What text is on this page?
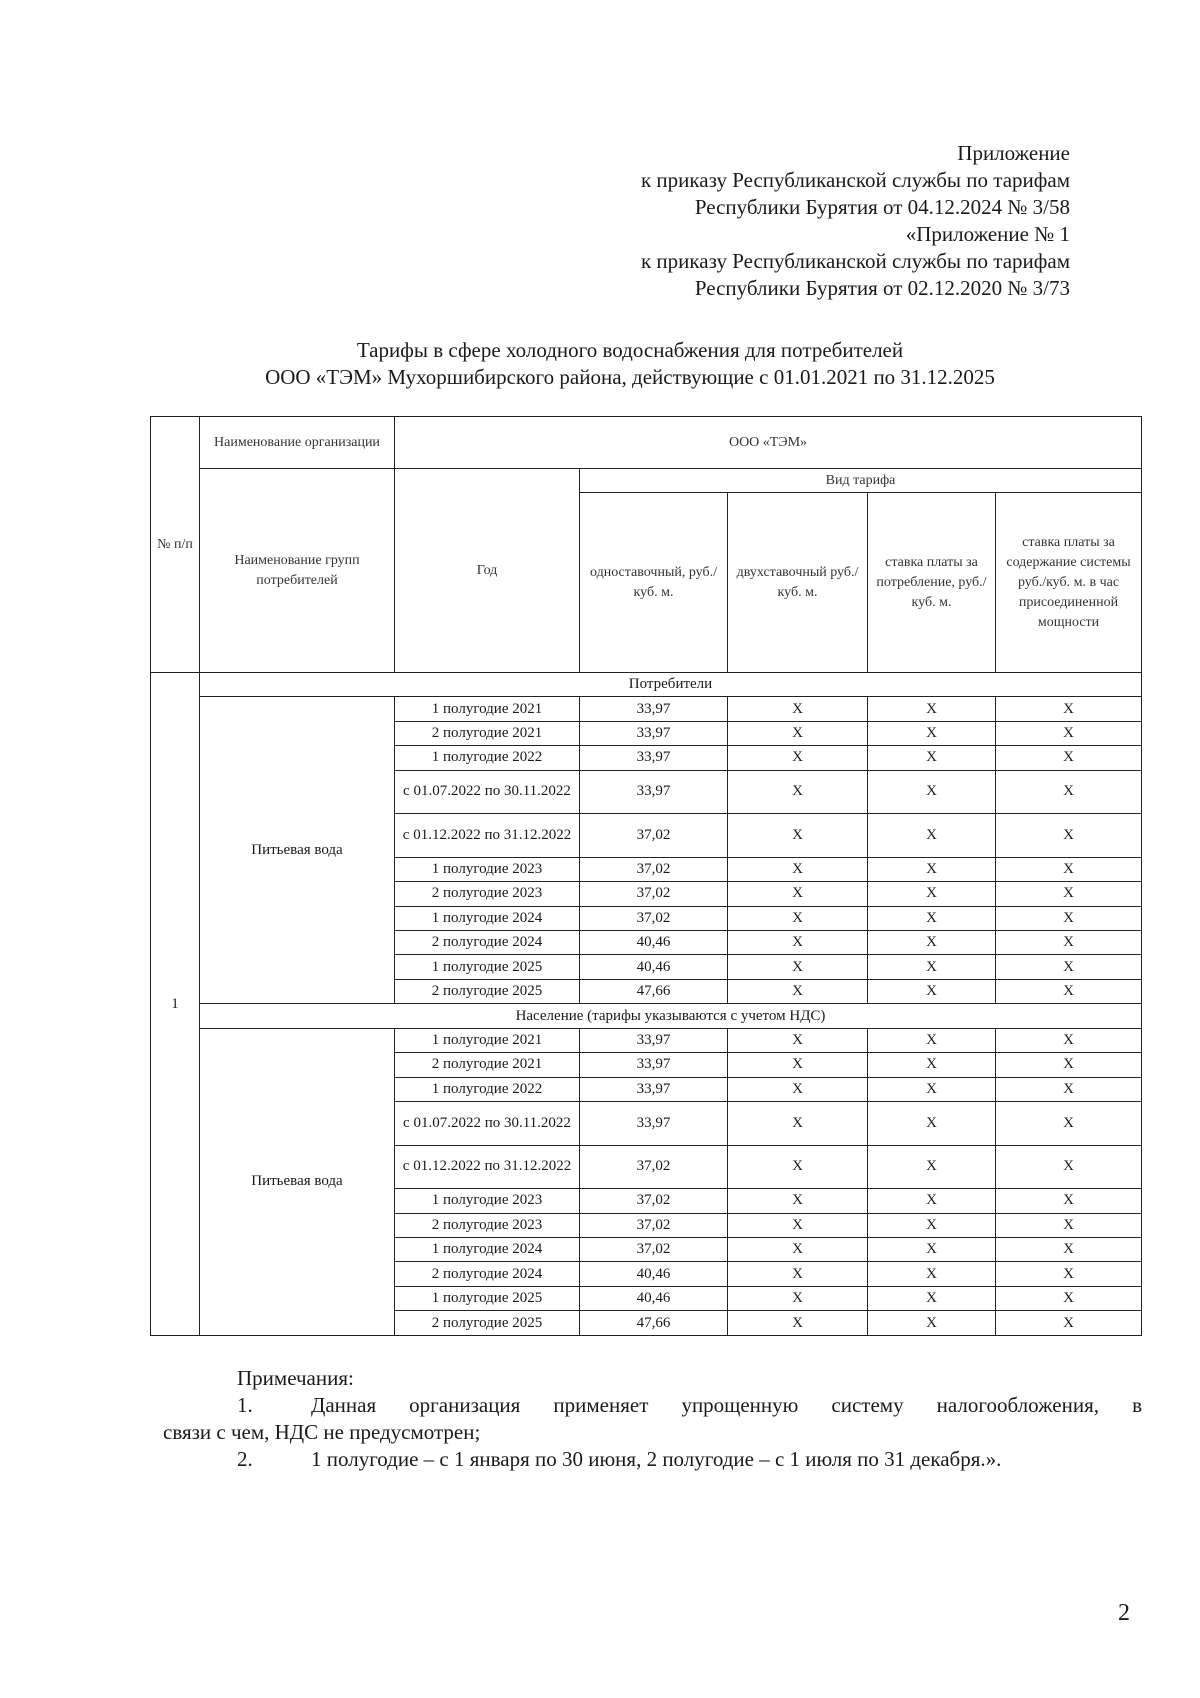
Приложение
к приказу Республиканской службы по тарифам
Республики Бурятия от 04.12.2024 № 3/58
«Приложение № 1
к приказу Республиканской службы по тарифам
Республики Бурятия от 02.12.2020 № 3/73
Тарифы в сфере холодного водоснабжения для потребителей
ООО «ТЭМ» Мухоршибирского района, действующие с 01.01.2021 по 31.12.2025
№ п/п	Наименование организации	ООО «ТЭМ»				
	Наименование групп потребителей	Год	Вид тарифа			
			одноставочный, руб./ куб. м.	двухставочный руб./ куб. м.	ставка платы за потребление, руб./ куб. м.	ставка платы за содержание системы руб./куб. м. в час присоединенной мощности
1	Потребители					
	Питьевая вода	1 полугодие 2021	33,97	X	X	X
		2 полугодие 2021	33,97	X	X	X
		1 полугодие 2022	33,97	X	X	X
		с 01.07.2022 по 30.11.2022	33,97	X	X	X
		с 01.12.2022 по 31.12.2022	37,02	X	X	X
		1 полугодие 2023	37,02	X	X	X
		2 полугодие 2023	37,02	X	X	X
		1 полугодие 2024	37,02	X	X	X
		2 полугодие 2024	40,46	X	X	X
		1 полугодие 2025	40,46	X	X	X
		2 полугодие 2025	47,66	X	X	X
	Население (тарифы указываются с учетом НДС)					
	Питьевая вода	1 полугодие 2021	33,97	X	X	X
		2 полугодие 2021	33,97	X	X	X
		1 полугодие 2022	33,97	X	X	X
		с 01.07.2022 по 30.11.2022	33,97	X	X	X
		с 01.12.2022 по 31.12.2022	37,02	X	X	X
		1 полугодие 2023	37,02	X	X	X
		2 полугодие 2023	37,02	X	X	X
		1 полугодие 2024	37,02	X	X	X
		2 полугодие 2024	40,46	X	X	X
		1 полугодие 2025	40,46	X	X	X
		2 полугодие 2025	47,66	X	X	X
Примечания:
1.	Данная организация применяет упрощенную систему налогообложения, в
связи с чем, НДС не предусмотрен;
2.	1 полугодие – с 1 января по 30 июня, 2 полугодие – с 1 июля по 31 декабря.».
2
